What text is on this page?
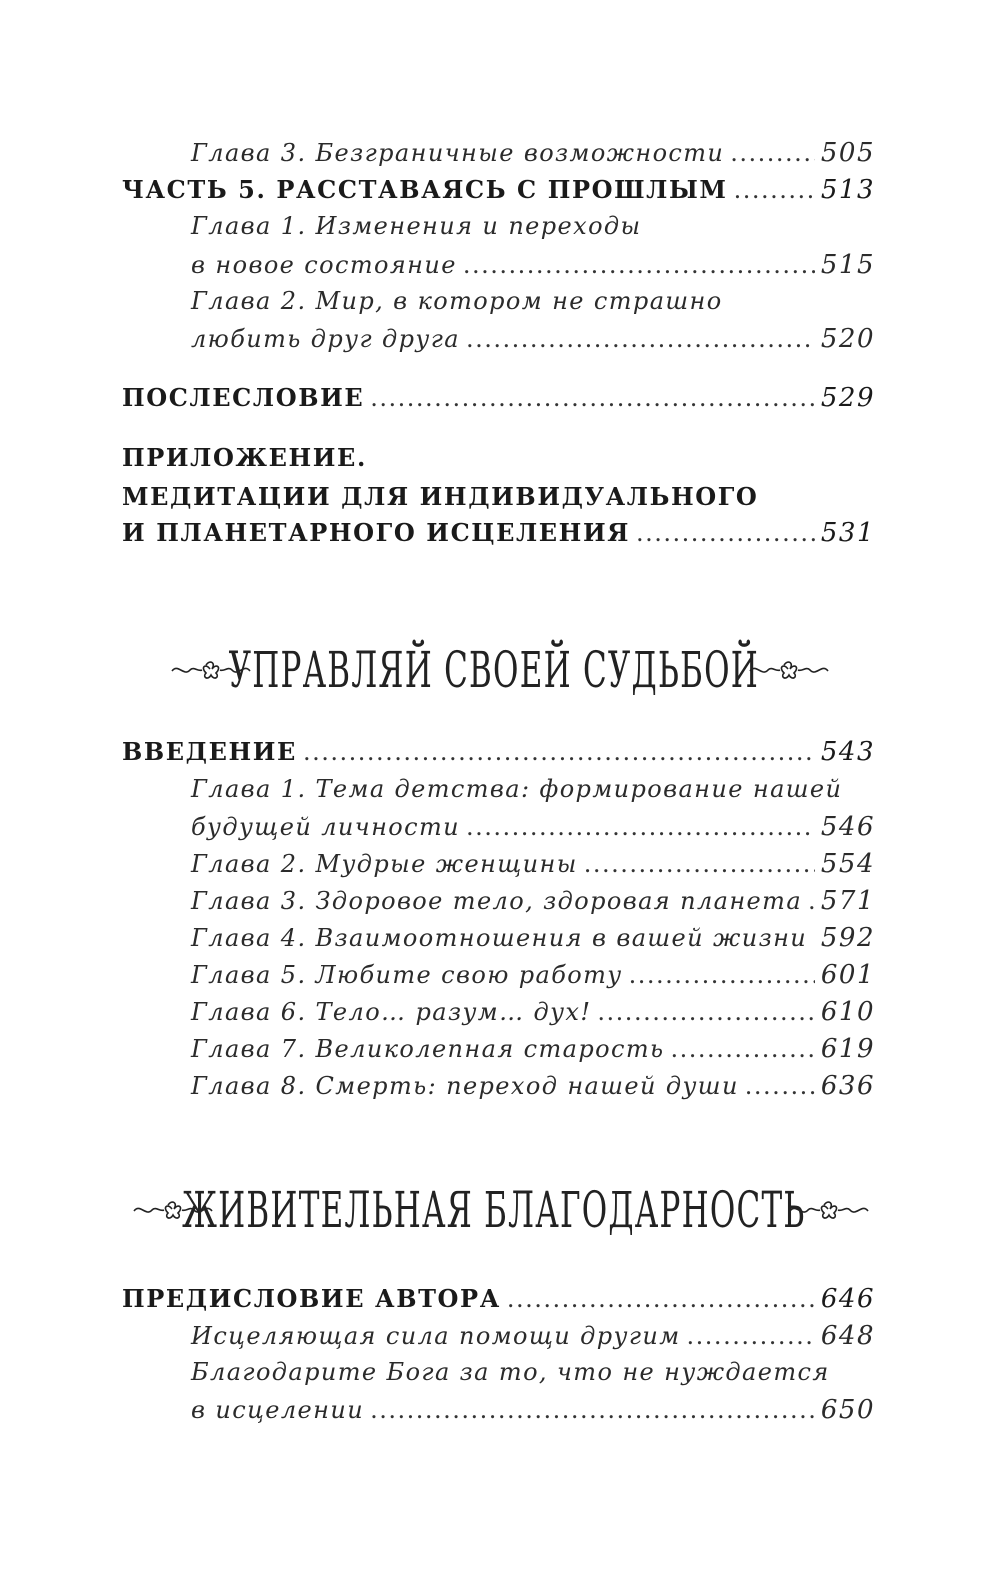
Глава 3. Безграничные возможности .....	505
ЧАСТЬ 5. РАССТАВАЯСЬ С ПРОШЛЫМ .....	513
Глава 1. Изменения и переходы
в новое состояние .....	515
Глава 2. Мир, в котором не страшно
любить друг друга .....	520
ПОСЛЕСЛОВИЕ .....	529
ПРИЛОЖЕНИЕ.
МЕДИТАЦИИ ДЛЯ ИНДИВИДУАЛЬНОГО
И ПЛАНЕТАРНОГО ИСЦЕЛЕНИЯ .....	531
УПРАВЛЯЙ СВОЕЙ СУДЬБОЙ
ВВЕДЕНИЕ .....	543
Глава 1. Тема детства: формирование нашей
будущей личности .....	546
Глава 2. Мудрые женщины .....	554
Глава 3. Здоровое тело, здоровая планета ..... 571
Глава 4. Взаимоотношения в вашей жизни ..... 592
Глава 5. Любите свою работу .....	601
Глава 6. Тело… разум… дух! .....	610
Глава 7. Великолепная старость .....	619
Глава 8. Смерть: переход нашей души .....	636
ЖИВИТЕЛЬНАЯ БЛАГОДАРНОСТЬ
ПРЕДИСЛОВИЕ АВТОРА .....	646
Исцеляющая сила помощи другим .....	648
Благодарите Бога за то, что не нуждается
в исцелении .....	650
